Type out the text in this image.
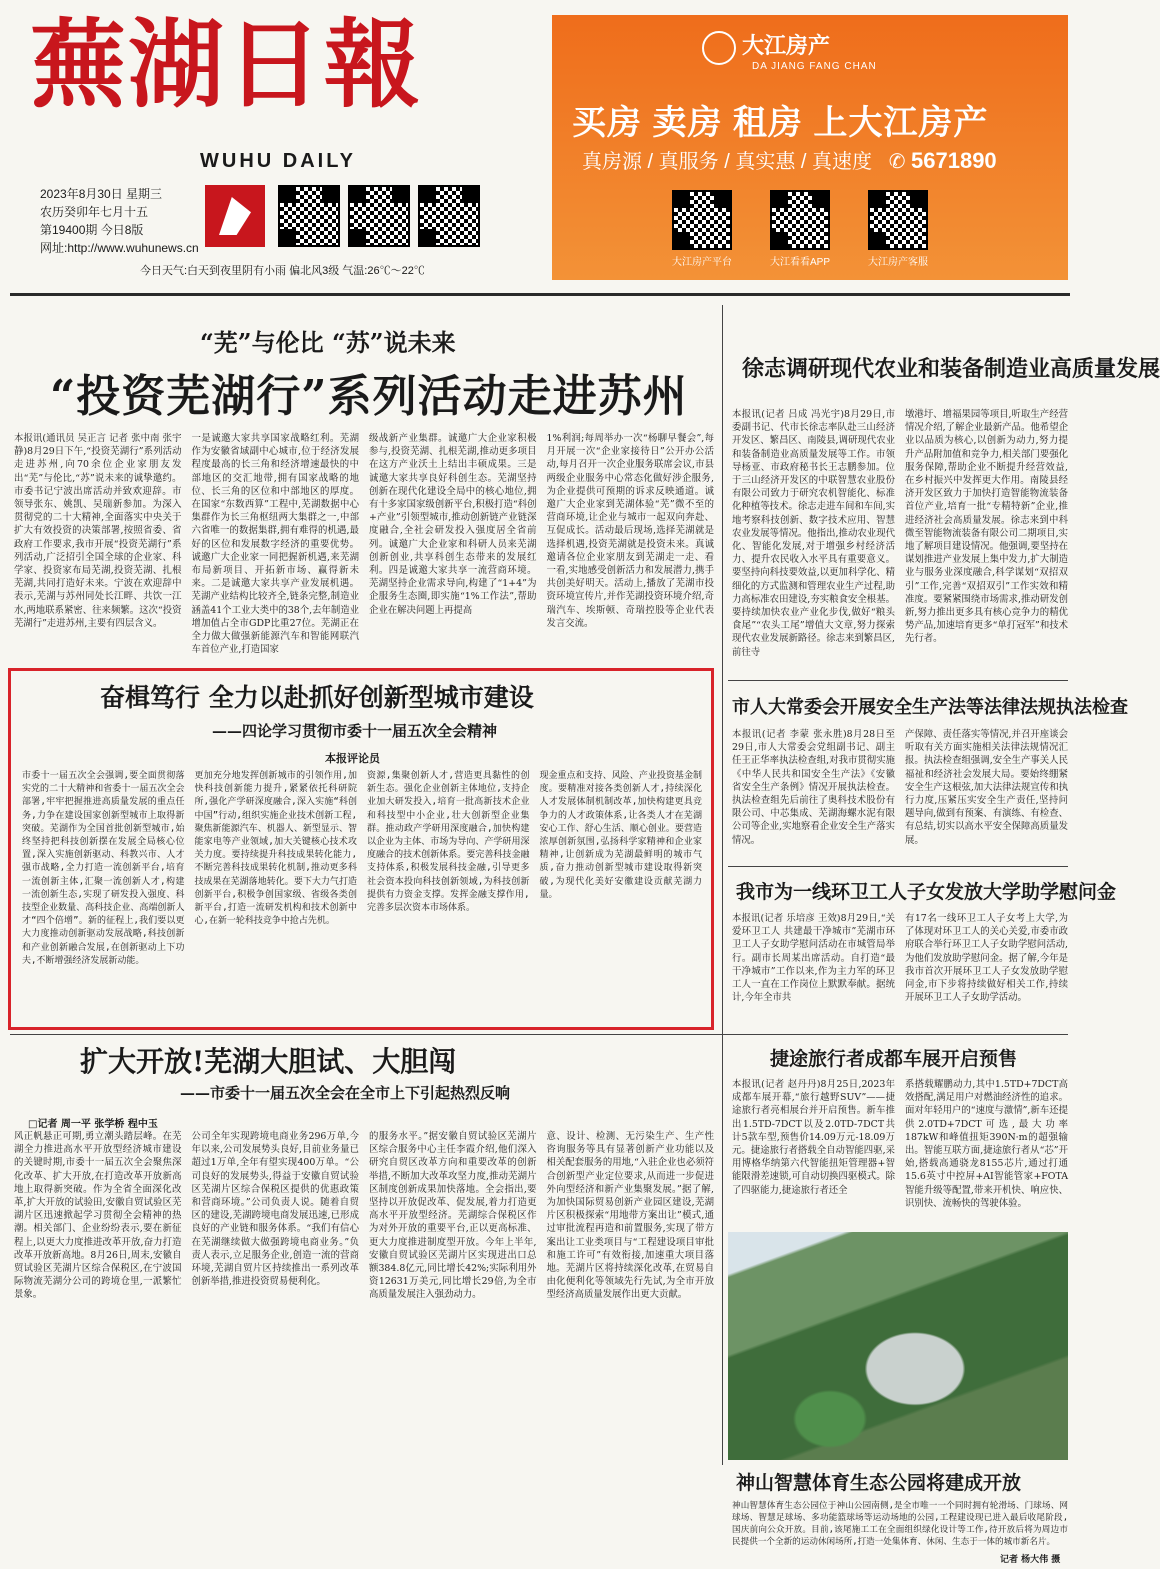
蕪湖日報
WUHU DAILY
2023年8月30日 星期三
农历癸卯年七月十五
第19400期 今日8版
网址:http://www.wuhunews.cn
今日天气:白天到夜里阴有小雨 偏北风3级 气温:26℃～22℃
大江房产
DA JIANG FANG CHAN
买房 卖房 租房 上大江房产
真房源 / 真服务 / 真实惠 / 真速度   ✆ 5671890
大江房产平台	大江看看APP	大江房产客服
“芜”与伦比 “苏”说未来
“投资芜湖行”系列活动走进苏州
本报讯(通讯员 吴正言 记者 张中南 张宇静)8月29日下午,“投资芜湖行”系列活动走进苏州,向70余位企业家朋友发出“芜”与伦比,“苏”说未来的诚挚邀约。市委书记宁波出席活动并致欢迎辞。市领导张东、姚凯、吴瑞新参加。为深入贯彻党的二十大精神,全面落实中央关于扩大有效投资的决策部署,按照省委、省政府工作要求,我市开展“投资芜湖行”系列活动,广泛招引全国全球的企业家、科学家、投资家布局芜湖,投资芜湖、扎根芜湖,共同打造好未来。宁波在欢迎辞中表示,芜湖与苏州同处长江畔、共饮一江水,两地联系紧密、往来频繁。这次“投资芜湖行”走进苏州,主要有四层含义。
一是诚邀大家共享国家战略红利。芜湖作为安徽省域副中心城市,位于经济发展程度最高的长三角和经济增速最快的中部地区的交汇地带,拥有国家战略的地位、长三角的区位和中部地区的厚度。在国家“东数西算”工程中,芜湖数据中心集群作为长三角枢纽两大集群之一,中部六省唯一的数据集群,拥有难得的机遇,最好的区位和发展数字经济的重要优势。诚邀广大企业家一同把握新机遇,来芜湖布局新项目、开拓新市场、赢得新未来。二是诚邀大家共享产业发展机遇。芜湖产业结构比较齐全,链条完整,制造业涵盖41个工业大类中的38个,去年制造业增加值占全市GDP比重27位。芜湖正在全力做大做强新能源汽车和智能网联汽车首位产业,打造国家
级战新产业集群。诚邀广大企业家积极参与,投资芜湖、扎根芜湖,推动更多项目在这方产业沃土上结出丰硕成果。三是诚邀大家共享良好科创生态。芜湖坚持创新在现代化建设全局中的核心地位,拥有十多家国家级创新平台,积极打造“科创+产业”引领型城市,推动创新链产业链深度融合,全社会研发投入强度居全省前列。诚邀广大企业家和科研人员来芜湖创新创业,共享科创生态带来的发展红利。四是诚邀大家共享一流营商环境。芜湖坚持企业需求导向,构建了“1+4”为企服务生态圈,即实施“1%工作法”,帮助企业在解决问题上再提高
1%利润;每周举办一次“杨聊早餐会”,每月开展一次“企业家接待日”公开办公活动,每月召开一次企业服务联席会议,市县两级企业服务中心常态化做好涉企服务,为企业提供可预期的诉求反映通道。诚邀广大企业家到芜湖体验“芜”微不至的营商环境,让企业与城市一起双向奔赴、互促成长。活动最后现场,选择芜湖就是选择机遇,投资芜湖就是投资未来。真诚邀请各位企业家朋友到芜湖走一走、看一看,实地感受创新活力和发展潜力,携手共创美好明天。活动上,播放了芜湖市投资环境宣传片,并作芜湖投资环境介绍,奇瑞汽车、埃斯顿、奇瑞控股等企业代表发言交流。
徐志调研现代农业和装备制造业高质量发展
本报讯(记者 吕成 冯光宇)8月29日,市委副书记、代市长徐志率队赴三山经济开发区、繁昌区、南陵县,调研现代农业和装备制造业高质量发展等工作。市领导杨亚、市政府秘书长王志鹏参加。位于三山经济开发区的中联智慧农业股份有限公司致力于研究农机智能化、标准化种植等技术。徐志走进车间和车间,实地考察科技创新、数字技术应用、智慧农业发展等情况。他指出,推动农业现代化、智能化发展,对于增强乡村经济活力、提升农民收入水平具有重要意义。要坚持向科技要效益,以更加科学化、精细化的方式监测和管理农业生产过程,助力高标准农田建设,夯实粮食安全根基。要持续加快农业产业化步伐,做好“粮头食尾”“农头工尾”增值大文章,努力探索现代农业发展新路径。徐志来到繁昌区,前往寺
墩港圩、增福果园等项目,听取生产经营情况介绍,了解企业最新产品。他希望企业以品质为核心,以创新为动力,努力提升产品附加值和竞争力,相关部门要强化服务保障,帮助企业不断提升经营效益,在乡村振兴中发挥更大作用。南陵县经济开发区致力于加快打造智能物流装备首位产业,培育一批“专精特新”企业,推进经济社会高质量发展。徐志来到中科微至智能物流装备有限公司二期项目,实地了解项目建设情况。他强调,要坚持在谋划推进产业发展上集中发力,扩大制造业与服务业深度融合,科学谋划“双招双引”工作,完善“双招双引”工作实效和精准度。要紧紧围绕市场需求,推动研发创新,努力推出更多具有核心竞争力的精优势产品,加速培育更多“单打冠军”和技术先行者。
奋楫笃行 全力以赴抓好创新型城市建设
——四论学习贯彻市委十一届五次全会精神
本报评论员
市委十一届五次全会强调,要全面贯彻落实党的二十大精神和省委十一届五次全会部署,牢牢把握推进高质量发展的重点任务,力争在建设国家创新型城市上取得新突破。芜湖作为全国首批创新型城市,始终坚持把科技创新摆在发展全局核心位置,深入实施创新驱动、科教兴市、人才强市战略,全力打造一流创新平台,培育一流创新主体,汇聚一流创新人才,构建一流创新生态,实现了研发投入强度、科技型企业数量、高科技企业、高端创新人才“四个倍增”。新的征程上,我们要以更大力度推动创新驱动发展战略,科技创新和产业创新融合发展,在创新驱动上下功夫,不断增强经济发展新动能。
更加充分地发挥创新城市的引领作用,加快科技创新能力提升,紧紧依托科研院所,强化产学研深度融合,深入实施“科创中国”行动,组织实施企业技术创新工程,聚焦新能源汽车、机器人、新型显示、智能家电等产业领域,加大关键核心技术攻关力度。要持续提升科技成果转化能力,不断完善科技成果转化机制,推动更多科技成果在芜湖落地转化。要下大力气打造创新平台,积极争创国家级、省级各类创新平台,打造一流研发机构和技术创新中心,在新一轮科技竞争中抢占先机。
资源,集聚创新人才,营造更具黏性的创新生态。强化企业创新主体地位,支持企业加大研发投入,培育一批高新技术企业和科技型中小企业,壮大创新型企业集群。推动政产学研用深度融合,加快构建以企业为主体、市场为导向、产学研用深度融合的技术创新体系。要完善科技金融支持体系,积极发展科技金融,引导更多社会资本投向科技创新领域,为科技创新提供有力资金支撑。发挥金融支撑作用,完善多层次资本市场体系。
现金重点和支持、风险、产业投资基金制度。要精准对接各类创新人才,持续深化人才发展体制机制改革,加快构建更具竞争力的人才政策体系,让各类人才在芜湖安心工作、舒心生活、顺心创业。要营造浓厚创新氛围,弘扬科学家精神和企业家精神,让创新成为芜湖最鲜明的城市气质,奋力推动创新型城市建设取得新突破,为现代化美好安徽建设贡献芜湖力量。
市人大常委会开展安全生产法等法律法规执法检查
本报讯(记者 李蒙 张永胜)8月28日至29日,市人大常委会党组副书记、副主任王正华率执法检查组,对我市贯彻实施《中华人民共和国安全生产法》《安徽省安全生产条例》情况开展执法检查。执法检查组先后前往了奥科技术股份有限公司、中芯集成、芜湖海螺水泥有限公司等企业,实地察看企业安全生产落实情况。
产保障、责任落实等情况,并召开座谈会听取有关方面实施相关法律法规情况汇报。执法检查组强调,安全生产事关人民福祉和经济社会发展大局。要始终绷紧安全生产这根弦,加大法律法规宣传和执行力度,压紧压实安全生产责任,坚持问题导向,做到有预案、有演练、有检查、有总结,切实以高水平安全保障高质量发展。
我市为一线环卫工人子女发放大学助学慰问金
本报讯(记者 乐培彦 王效)8月29日,“关爱环卫工人 共建最干净城市”芜湖市环卫工人子女助学慰问活动在市城管局举行。副市长周某出席活动。自打造“最干净城市”工作以来,作为主力军的环卫工人一直在工作岗位上默默奉献。据统计,今年全市共
有17名一线环卫工人子女考上大学,为了体现对环卫工人的关心关爱,市委市政府联合举行环卫工人子女助学慰问活动,为他们发放助学慰问金。据了解,今年是我市首次开展环卫工人子女发放助学慰问金,市下步将持续做好相关工作,持续开展环卫工人子女助学活动。
扩大开放!芜湖大胆试、大胆闯
——市委十一届五次全会在全市上下引起热烈反响
□记者 周一平 张学桥 程中玉
风正帆悬正可期,勇立潮头踏层峰。在芜湖全力推进高水平开放型经济城市建设的关键时期,市委十一届五次全会聚焦深化改革、扩大开放,在打造改革开放新高地上取得新突破。作为全省全面深化改革,扩大开放的试验田,安徽自贸试验区芜湖片区迅速掀起学习贯彻全会精神的热潮。相关部门、企业纷纷表示,要在新征程上,以更大力度推进改革开放,奋力打造改革开放新高地。8月26日,周末,安徽自贸试验区芜湖片区综合保税区,在宁波国际物流芜湖分公司的跨境仓里,一派繁忙景象。
公司全年实现跨境电商业务296万单,今年以来,公司发展势头良好,目前业务量已超过1万单,全年有望实现400万单。“公司良好的发展势头,得益于安徽自贸试验区芜湖片区综合保税区提供的优惠政策和营商环境。”公司负责人说。随着自贸区的建设,芜湖跨境电商发展迅速,已形成良好的产业链和服务体系。“我们有信心在芜湖继续做大做强跨境电商业务。”负责人表示,立足服务企业,创造一流的营商环境,芜湖自贸片区持续推出一系列改革创新举措,推进投资贸易便利化。
的服务水平。”据安徽自贸试验区芜湖片区综合服务中心主任李霞介绍,他们深入研究自贸区改革方向和重要改革的创新举措,不断加大改革攻坚力度,推动芜湖片区制度创新成果加快落地。全会指出,要坚持以开放促改革、促发展,着力打造更高水平开放型经济。芜湖综合保税区作为对外开放的重要平台,正以更高标准、更大力度推进制度型开放。今年上半年,安徽自贸试验区芜湖片区实现进出口总额384.8亿元,同比增长42%;实际利用外资12631万美元,同比增长29倍,为全市高质量发展注入强劲动力。
意、设计、检测、无污染生产、生产性咨询服务等具有显著创新产业功能以及相关配套服务的用地,“入驻企业也必须符合创新型产业定位要求,从而进一步促进外向型经济和新产业集聚发展。”据了解,为加快国际贸易创新产业园区建设,芜湖片区积极探索“用地带方案出让”模式,通过审批流程再造和前置服务,实现了带方案出让工业类项目与“工程建设项目审批和施工许可”有效衔接,加速重大项目落地。芜湖片区将持续深化改革,在贸易自由化便利化等领域先行先试,为全市开放型经济高质量发展作出更大贡献。
捷途旅行者成都车展开启预售
本报讯(记者 赵丹丹)8月25日,2023年成都车展开幕,“旅行越野SUV”——捷途旅行者亮相展台并开启预售。新车推出1.5TD-7DCT以及2.0TD-7DCT共计5款车型,预售价14.09万元-18.09万元。捷途旅行者搭载全自动智能四驱,采用博格华纳第六代智能扭矩管理器+智能限滑差速锁,可自动切换四驱模式。除了四驱能力,捷途旅行者还全
系搭载耀鹏动力,其中1.5TD+7DCT高效搭配,满足用户对燃油经济性的追求。面对年轻用户的“速度与激情”,新车还提供2.0TD+7DCT可选,最大功率187kW和峰值扭矩390N·m的超强输出。智能互联方面,捷途旅行者从“芯”开始,搭载高通骁龙8155芯片,通过打通15.6英寸中控屏+AI智能管家+FOTA智能升级等配置,带来开机快、响应快、识别快、流畅快的驾驶体验。
神山智慧体育生态公园将建成开放
神山智慧体育生态公园位于神山公园南侧,是全市唯一一个同时拥有轮滑场、门球场、网球场、智慧足球场、多功能篮球场等运动场地的公园,工程建设现已进入最后收尾阶段,国庆前向公众开放。目前,该尾施工工在全面组织绿化设计等工作,待开放后将为周边市民提供一个全新的运动休闲场所,打造一处集体育、休闲、生态于一体的城市新名片。
记者 杨大伟 摄
